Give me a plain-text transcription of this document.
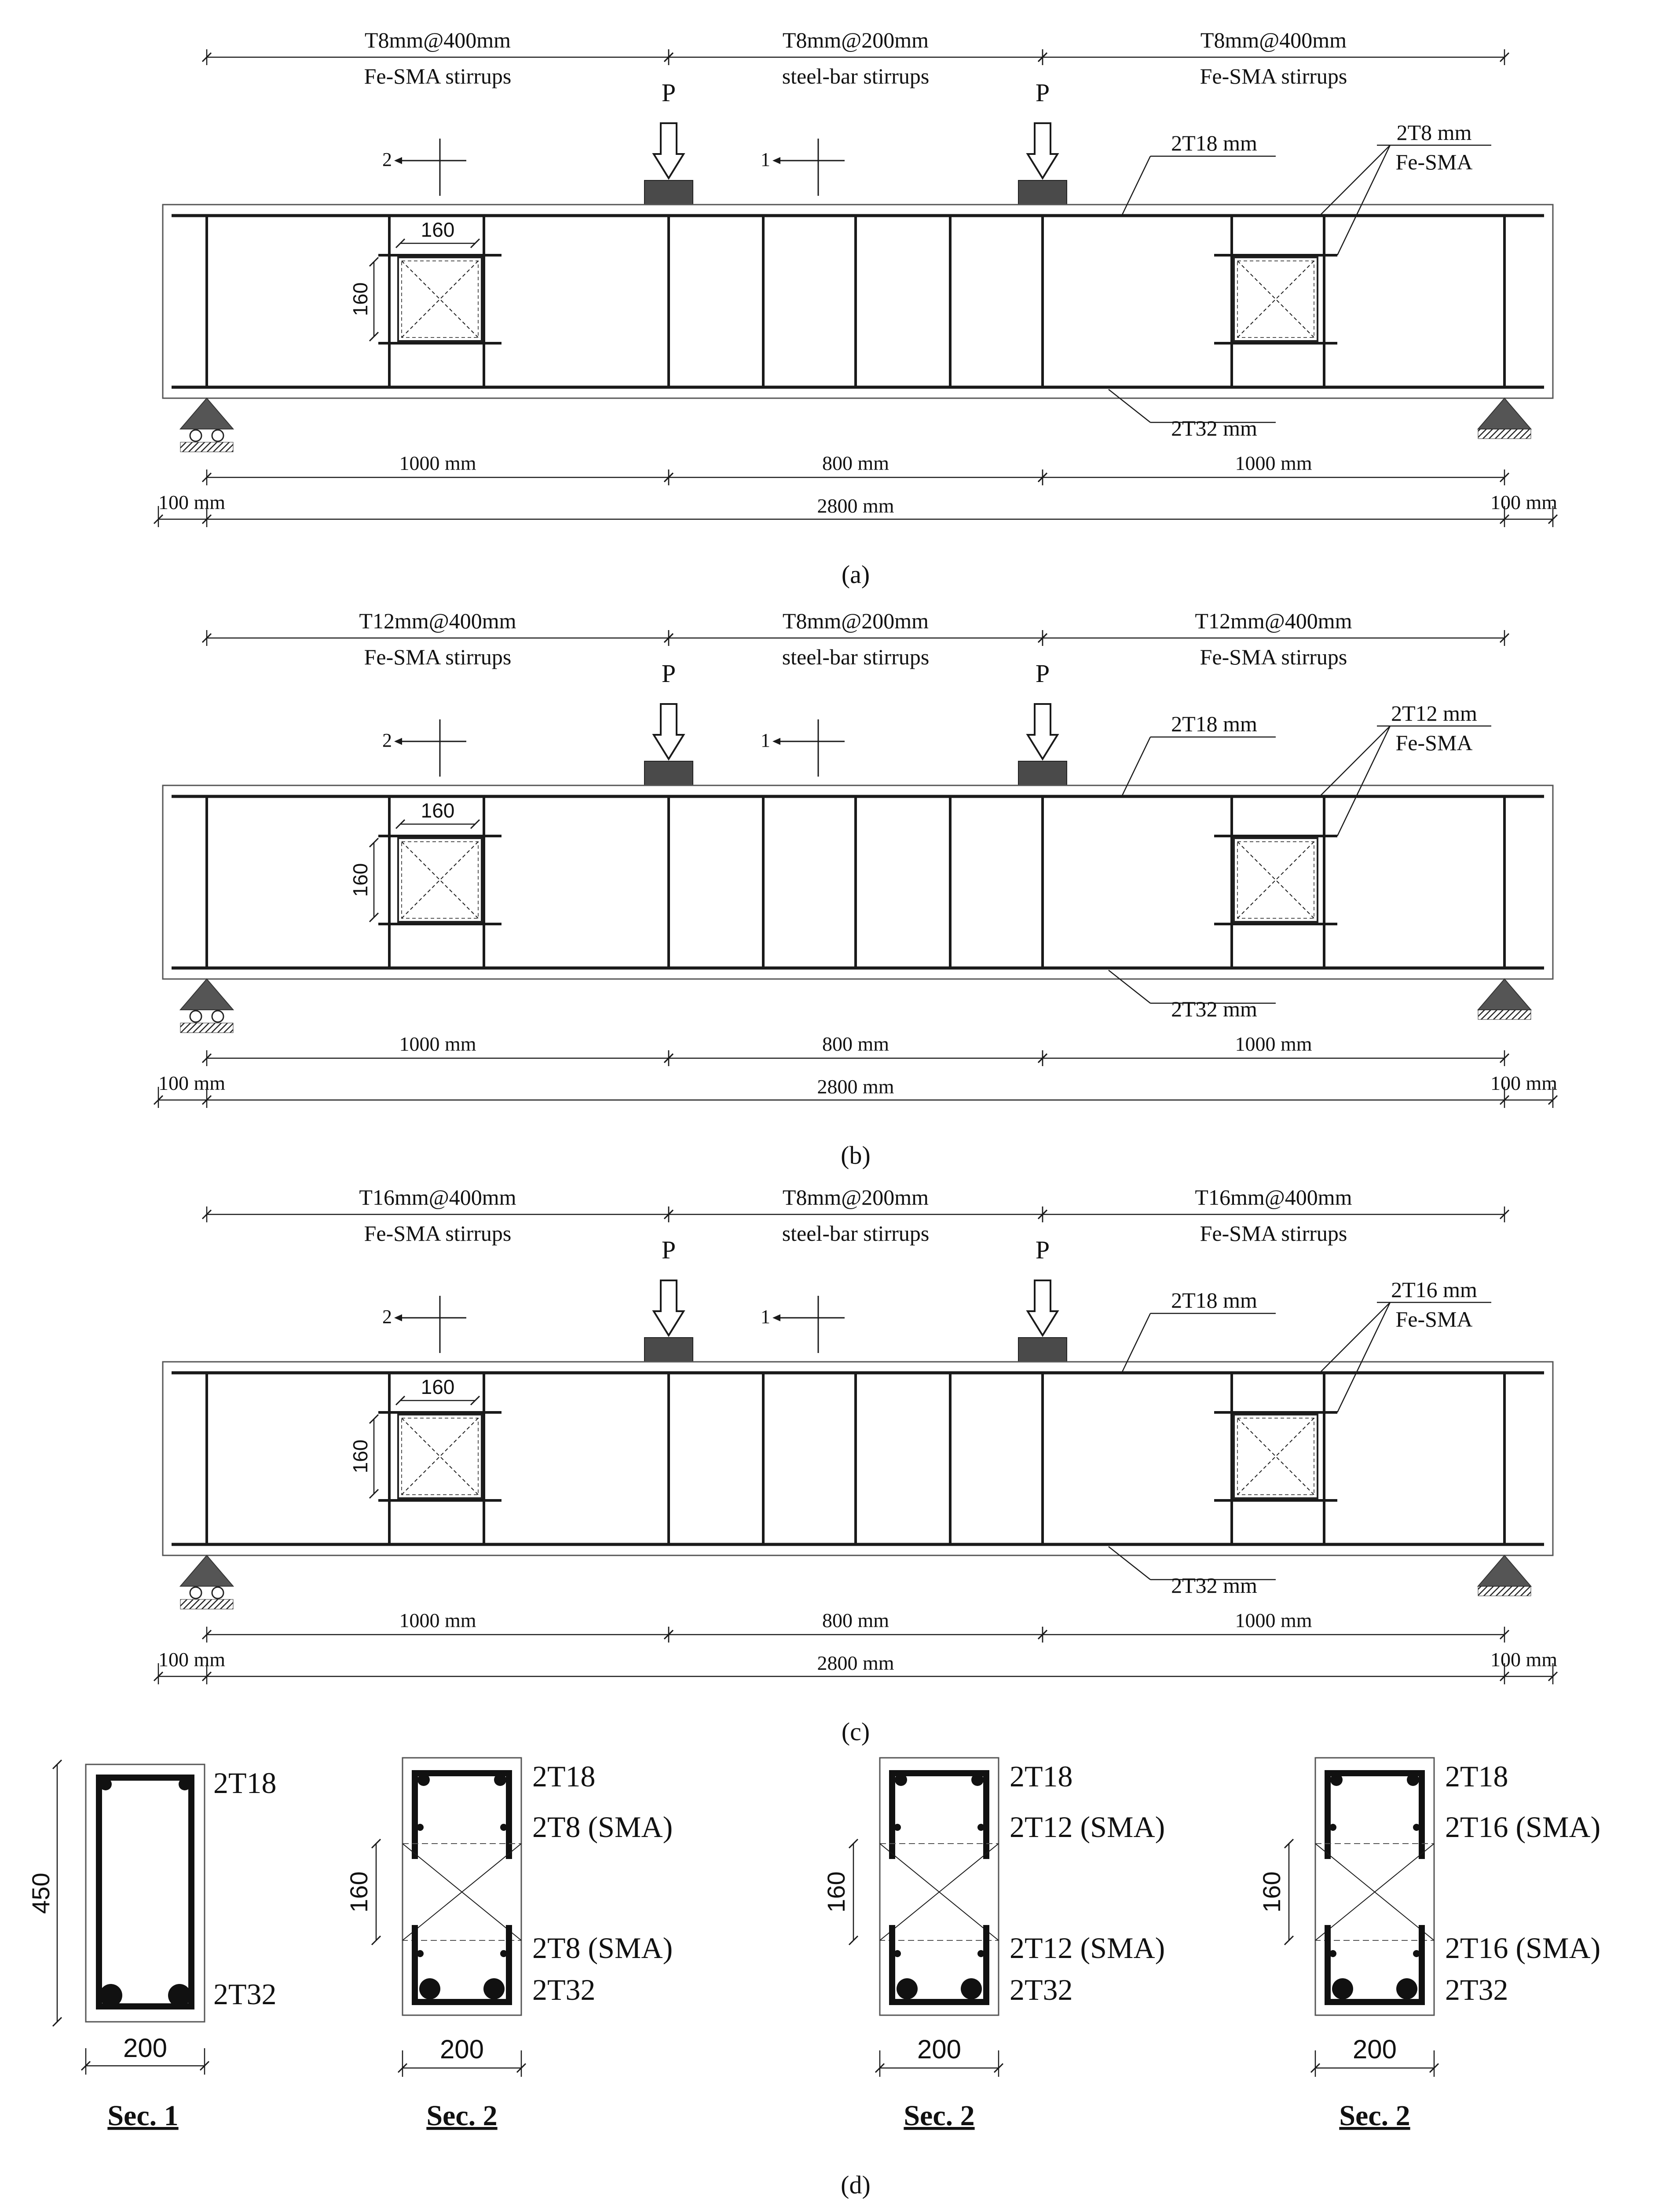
T8mm@400mm
Fe-SMA stirrups
T8mm@200mm
steel-bar stirrups
T8mm@400mm
Fe-SMA stirrups
P	P
2	1
160
160
2T18 mm
2T32 mm
2T8 mm
Fe-SMA
1000 mm	800 mm	1000 mm
100 mm	2800 mm	100 mm
(a)
T12mm@400mm
Fe-SMA stirrups
T8mm@200mm
steel-bar stirrups
T12mm@400mm
Fe-SMA stirrups
P	P
2	1
160
160
2T18 mm
2T32 mm
2T12 mm
Fe-SMA
1000 mm	800 mm	1000 mm
100 mm	2800 mm	100 mm
(b)
T16mm@400mm
Fe-SMA stirrups
T8mm@200mm
steel-bar stirrups
T16mm@400mm
Fe-SMA stirrups
P	P
2	1
160
160
2T18 mm
2T32 mm
2T16 mm
Fe-SMA
1000 mm	800 mm	1000 mm
100 mm	2800 mm	100 mm
(c)
450
200
2T18
2T32
Sec. 1
160
200
2T18
2T8 (SMA)
2T8 (SMA)
2T32
Sec. 2
160
200
2T18
2T12 (SMA)
2T12 (SMA)
2T32
Sec. 2
160
200
2T18
2T16 (SMA)
2T16 (SMA)
2T32
Sec. 2
(d)
